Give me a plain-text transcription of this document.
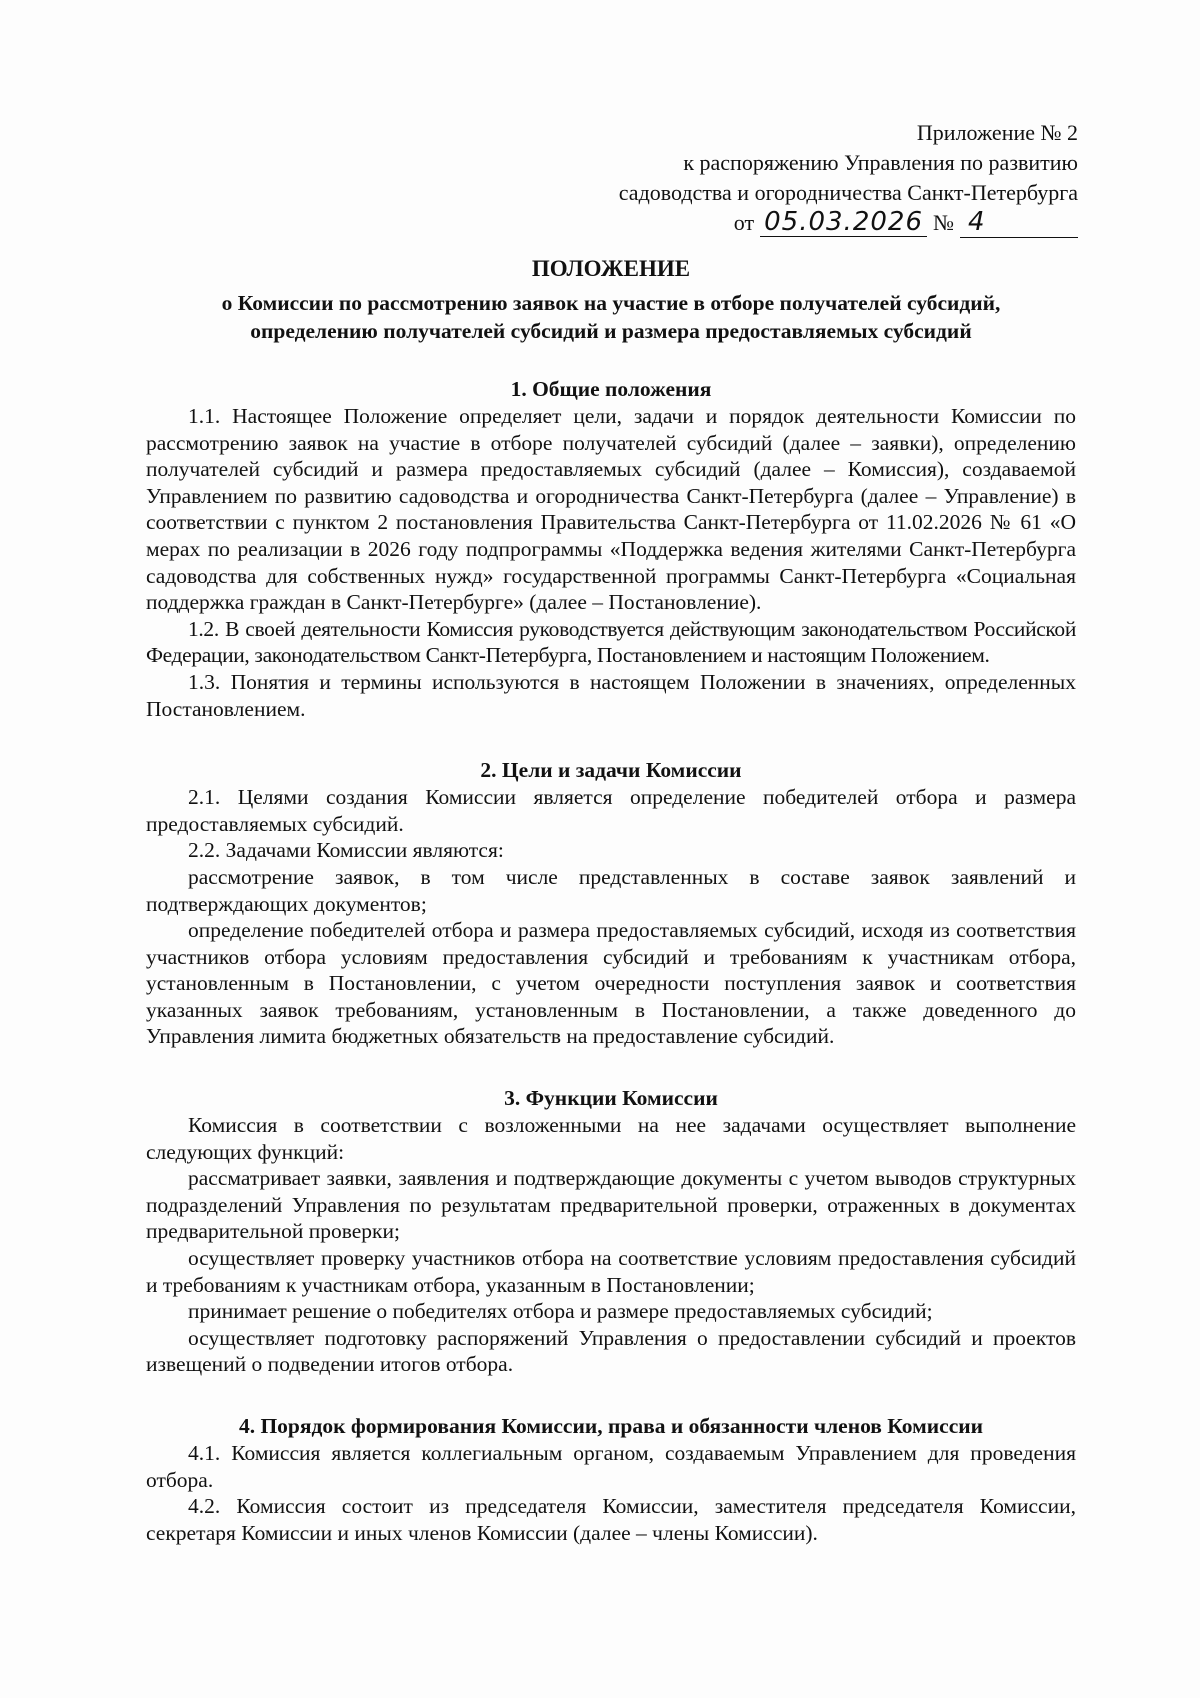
Приложение № 2
к распоряжению Управления по развитию
садоводства и огородничества Санкт-Петербурга
от 05.03.2026 № 4
ПОЛОЖЕНИЕ
о Комиссии по рассмотрению заявок на участие в отборе получателей субсидий,
определению получателей субсидий и размера предоставляемых субсидий
1. Общие положения

1.1. Настоящее Положение определяет цели, задачи и порядок деятельности Комиссии по рассмотрению заявок на участие в отборе получателей субсидий (далее – заявки), определению получателей субсидий и размера предоставляемых субсидий (далее – Комиссия), создаваемой Управлением по развитию садоводства и огородничества Санкт-Петербурга (далее – Управление) в соответствии с пунктом 2 постановления Правительства Санкт-Петербурга от 11.02.2026 № 61 «О мерах по реализации в 2026 году подпрограммы «Поддержка ведения жителями Санкт-Петербурга садоводства для собственных нужд» государственной программы Санкт-Петербурга «Социальная поддержка граждан в Санкт-Петербурге» (далее – Постановление).

1.2. В своей деятельности Комиссия руководствуется действующим законодательством Российской Федерации, законодательством Санкт-Петербурга, Постановлением и настоящим Положением.

1.3. Понятия и термины используются в настоящем Положении в значениях, определенных Постановлением.

2. Цели и задачи Комиссии

2.1. Целями создания Комиссии является определение победителей отбора и размера предоставляемых субсидий.

2.2. Задачами Комиссии являются:

рассмотрение заявок, в том числе представленных в составе заявок заявлений и подтверждающих документов;

определение победителей отбора и размера предоставляемых субсидий, исходя из соответствия участников отбора условиям предоставления субсидий и требованиям к участникам отбора, установленным в Постановлении, с учетом очередности поступления заявок и соответствия указанных заявок требованиям, установленным в Постановлении, а также доведенного до Управления лимита бюджетных обязательств на предоставление субсидий.

3. Функции Комиссии

Комиссия в соответствии с возложенными на нее задачами осуществляет выполнение следующих функций:

рассматривает заявки, заявления и подтверждающие документы с учетом выводов структурных подразделений Управления по результатам предварительной проверки, отраженных в документах предварительной проверки;

осуществляет проверку участников отбора на соответствие условиям предоставления субсидий и требованиям к участникам отбора, указанным в Постановлении;

принимает решение о победителях отбора и размере предоставляемых субсидий;

осуществляет подготовку распоряжений Управления о предоставлении субсидий и проектов извещений о подведении итогов отбора.

4. Порядок формирования Комиссии, права и обязанности членов Комиссии

4.1. Комиссия является коллегиальным органом, создаваемым Управлением для проведения отбора.

4.2. Комиссия состоит из председателя Комиссии, заместителя председателя Комиссии, секретаря Комиссии и иных членов Комиссии (далее – члены Комиссии).
